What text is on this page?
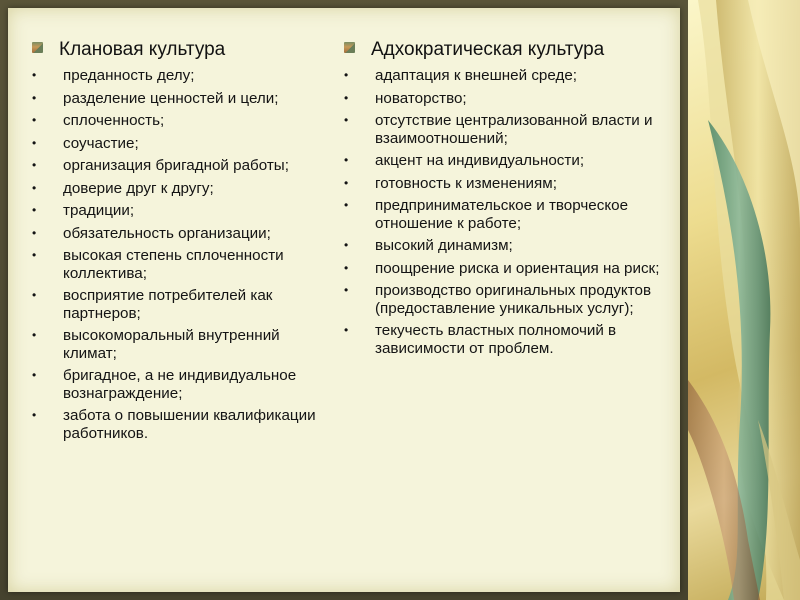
Клановая культура
•	преданность делу;
•	разделение ценностей и цели;
•	сплоченность;
•	соучастие;
•	организация бригадной работы;
•	доверие друг к другу;
•	традиции;
•	обязательность организации;
•	высокая степень сплоченности коллектива;
•	восприятие потребителей как партнеров;
•	высокоморальный внутренний климат;
•	бригадное, а не индивидуальное вознаграждение;
•	забота о повышении квалификации работников.
Адхократическая культура
•	адаптация к внешней среде;
•	новаторство;
•	отсутствие централизованной власти и взаимоотношений;
•	акцент на индивидуальности;
•	готовность к изменениям;
•	предпринимательское и творческое отношение к работе;
•	высокий динамизм;
•	поощрение риска и ориентация на риск;
•	производство оригинальных продуктов (предоставление уникальных услуг);
•	текучесть властных полномочий в зависимости от проблем.
